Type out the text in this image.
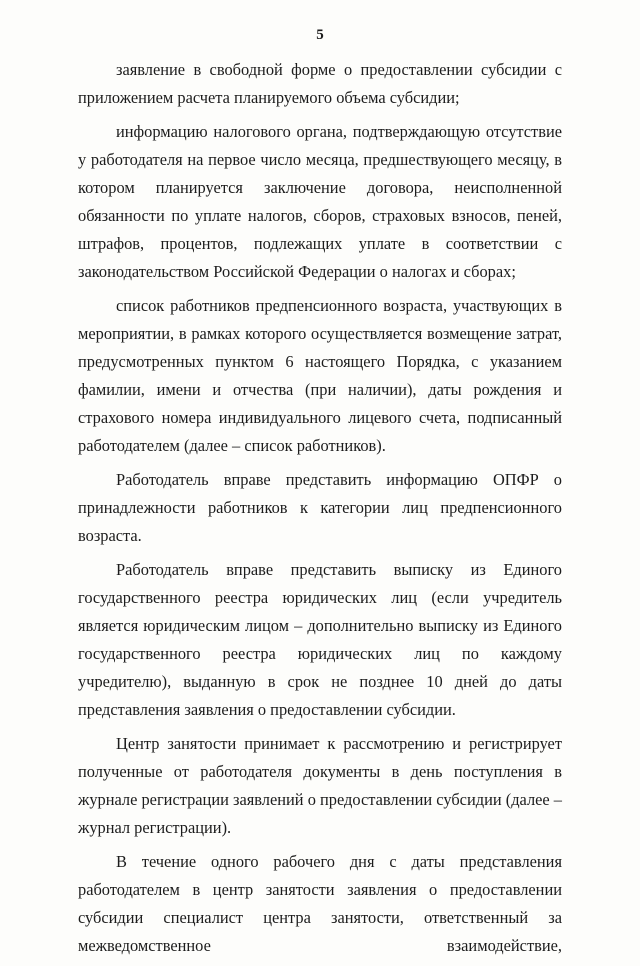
5

заявление в свободной форме о предоставлении субсидии с приложением расчета планируемого объема субсидии;

информацию налогового органа, подтверждающую отсутствие у работодателя на первое число месяца, предшествующего месяцу, в котором планируется заключение договора, неисполненной обязанности по уплате налогов, сборов, страховых взносов, пеней, штрафов, процентов, подлежащих уплате в соответствии с законодательством Российской Федерации о налогах и сборах;

список работников предпенсионного возраста, участвующих в мероприятии, в рамках которого осуществляется возмещение затрат, предусмотренных пунктом 6 настоящего Порядка, с указанием фамилии, имени и отчества (при наличии), даты рождения и страхового номера индивидуального лицевого счета, подписанный работодателем (далее – список работников).

Работодатель вправе представить информацию ОПФР о принадлежности работников к категории лиц предпенсионного возраста.

Работодатель вправе представить выписку из Единого государственного реестра юридических лиц (если учредитель является юридическим лицом – дополнительно выписку из Единого государственного реестра юридических лиц по каждому учредителю), выданную в срок не позднее 10 дней до даты представления заявления о предоставлении субсидии.

Центр занятости принимает к рассмотрению и регистрирует полученные от работодателя документы в день поступления в журнале регистрации заявлений о предоставлении субсидии (далее – журнал регистрации).

В течение одного рабочего дня с даты представления работодателем в центр занятости заявления о предоставлении субсидии специалист центра занятости, ответственный за межведомственное взаимодействие,
